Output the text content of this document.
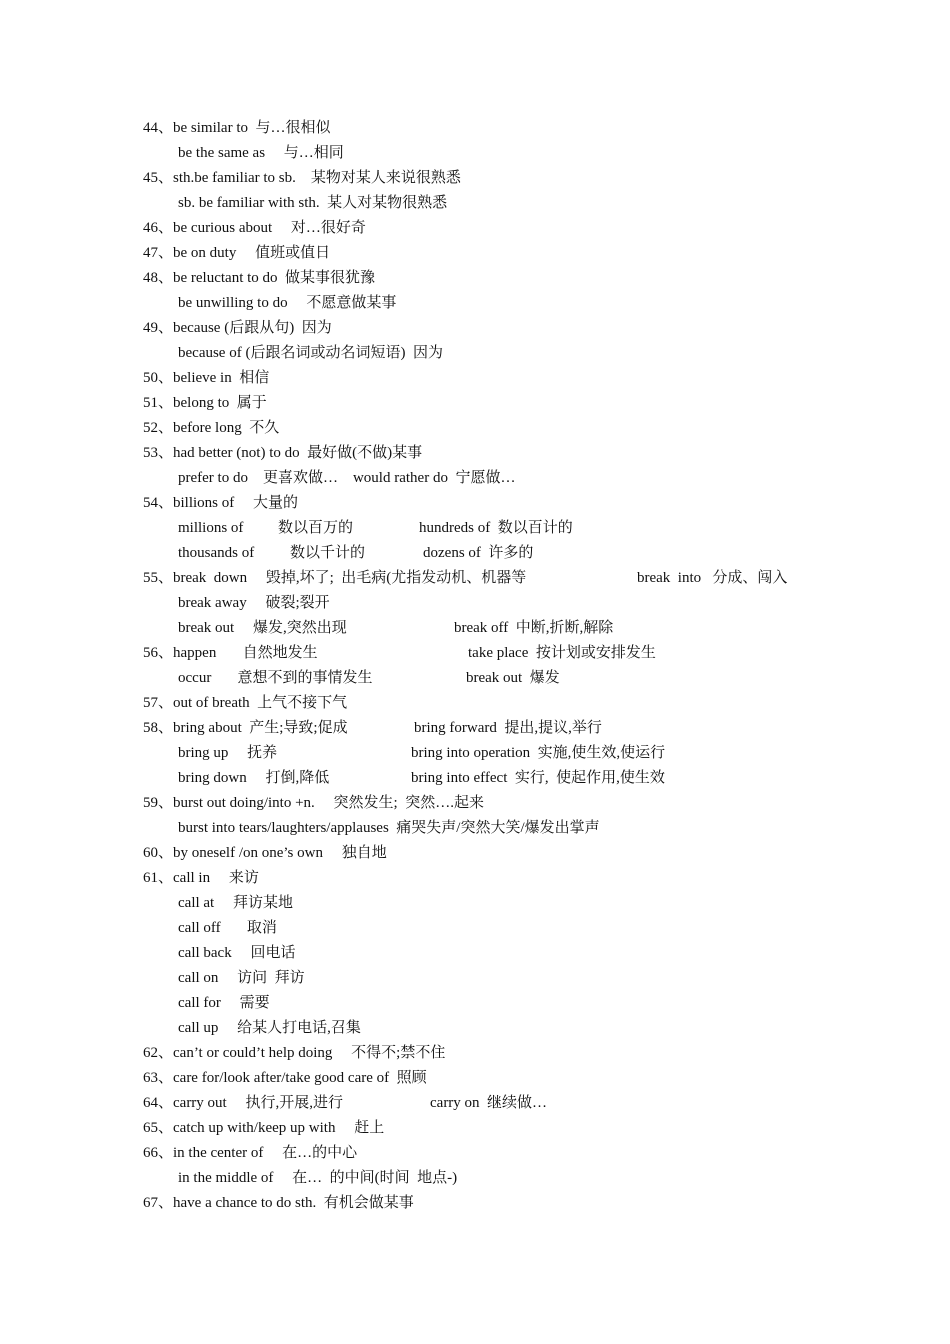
44、be similar to  与…很相似
be the same as     与…相同
45、sth.be familiar to sb.    某物对某人来说很熟悉
sb. be familiar with sth.  某人对某物很熟悉
46、be curious about     对…很好奇
47、be on duty     值班或值日
48、be reluctant to do  做某事很犹豫
be unwilling to do     不愿意做某事
49、because (后跟从句)  因为
because of (后跟名词或动名词短语)  因为
50、believe in  相信
51、belong to  属于
52、before long  不久
53、had better (not) to do  最好做(不做)某事
prefer to do    更喜欢做…    would rather do  宁愿做…
54、billions of     大量的
millions of 数以百万的	hundreds of  数以百计的
thousands of 数以千计的	dozens of  许多的
55、break  down     毁掉,坏了;  出毛病(尤指发动机、机器等	break  into   分成、闯入
break away     破裂;裂开
break out     爆发,突然出现	break off  中断,折断,解除
56、happen       自然地发生	take place  按计划或安排发生
occur       意想不到的事情发生	break out  爆发
57、out of breath  上气不接下气
58、bring about  产生;导致;促成	bring forward  提出,提议,举行
bring up     抚养	bring into operation  实施,使生效,使运行
bring down     打倒,降低	bring into effect  实行,  使起作用,使生效
59、burst out doing/into +n.     突然发生;  突然….起来
burst into tears/laughters/applauses  痛哭失声/突然大笑/爆发出掌声
60、by oneself /on one’s own     独自地
61、call in     来访
call at     拜访某地
call off       取消
call back     回电话
call on     访问  拜访
call for     需要
call up     给某人打电话,召集
62、can’t or could’t help doing     不得不;禁不住
63、care for/look after/take good care of  照顾
64、carry out     执行,开展,进行	carry on  继续做…
65、catch up with/keep up with     赶上
66、in the center of     在…的中心
in the middle of     在…  的中间(时间  地点-)
67、have a chance to do sth.  有机会做某事
